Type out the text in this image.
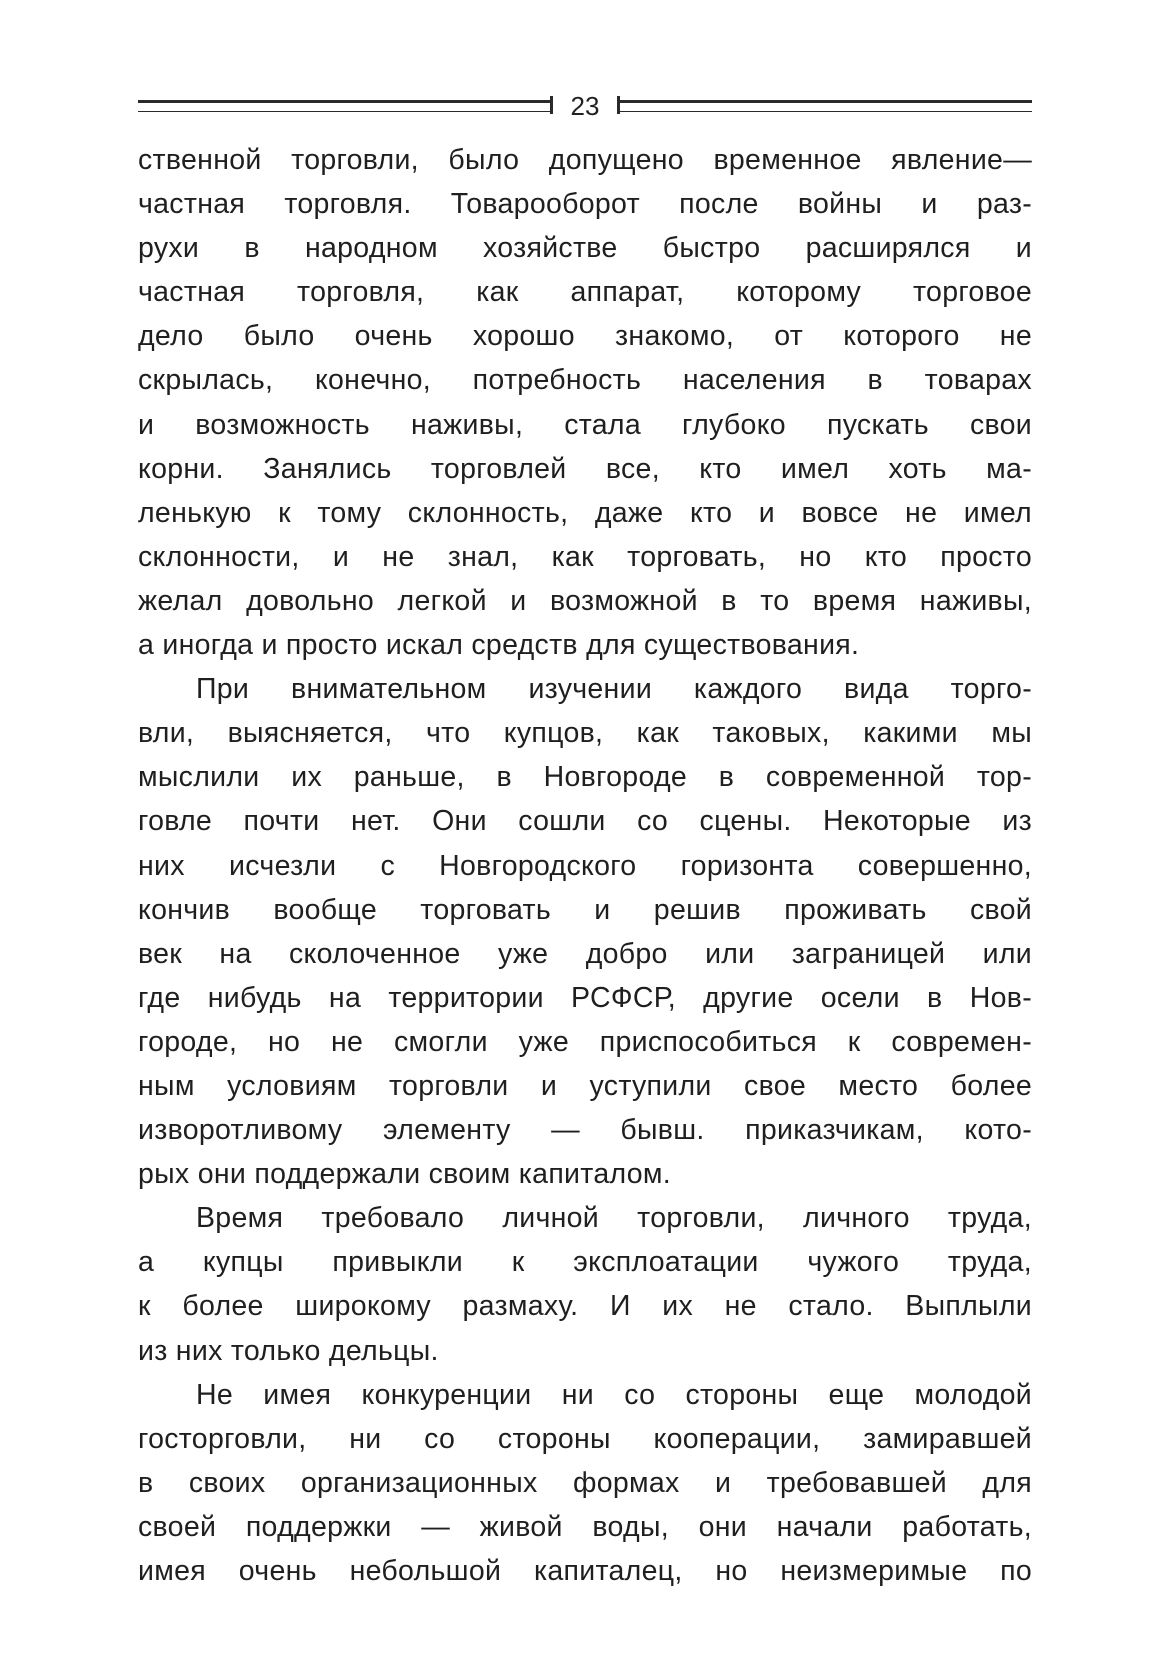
23
ственной торговли, было допущено временное явление—
частная торговля. Товарооборот после войны и раз-
рухи в народном хозяйстве быстро расширялся и
частная торговля, как аппарат, которому торговое
дело было очень хорошо знакомо, от которого не
скрылась, конечно, потребность населения в товарах
и возможность наживы, стала глубоко пускать свои
корни. Занялись торговлей все, кто имел хоть ма-
ленькую к тому склонность, даже кто и вовсе не имел
склонности, и не знал, как торговать, но кто просто
желал довольно легкой и возможной в то время наживы,
а иногда и просто искал средств для существования.
При внимательном изучении каждого вида торго-
вли, выясняется, что купцов, как таковых, какими мы
мыслили их раньше, в Новгороде в современной тор-
говле почти нет. Они сошли со сцены. Некоторые из
них исчезли с Новгородского горизонта совершенно,
кончив вообще торговать и решив проживать свой
век на сколоченное уже добро или заграницей или
где нибудь на территории РСФСР, другие осели в Нов-
городе, но не смогли уже приспособиться к современ-
ным условиям торговли и уступили свое место более
изворотливому элементу — бывш. приказчикам, кото-
рых они поддержали своим капиталом.
Время требовало личной торговли, личного труда,
а купцы привыкли к эксплоатации чужого труда,
к более широкому размаху. И их не стало. Выплыли
из них только дельцы.
Не имея конкуренции ни со стороны еще молодой
госторговли, ни со стороны кооперации, замиравшей
в своих организационных формах и требовавшей для
своей поддержки — живой воды, они начали работать,
имея очень небольшой капиталец, но неизмеримые по
